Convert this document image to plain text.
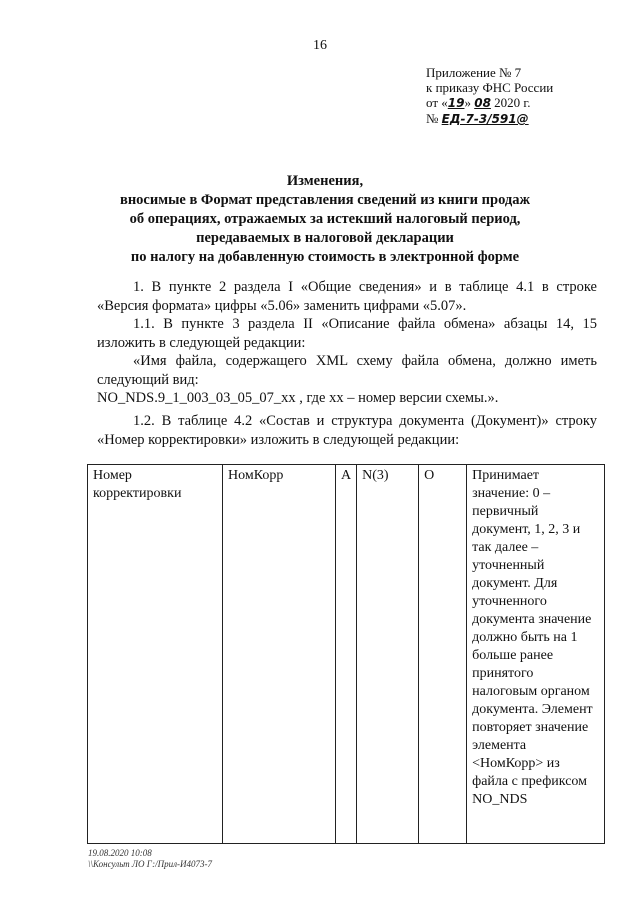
16
Приложение № 7
к приказу ФНС России
от «19» 08 2020 г.
№ ЕД-7-3/591@
Изменения,
вносимые в Формат представления сведений из книги продаж
об операциях, отражаемых за истекший налоговый период,
передаваемых в налоговой декларации
по налогу на добавленную стоимость в электронной форме

1. В пункте 2 раздела I «Общие сведения» и в таблице 4.1 в строке «Версия формата» цифры «5.06» заменить цифрами «5.07».

1.1. В пункте 3 раздела II «Описание файла обмена» абзацы 14, 15 изложить в следующей редакции:

«Имя файла, содержащего XML схему файла обмена, должно иметь следующий вид:

NO_NDS.9_1_003_03_05_07_xx , где xx – номер версии схемы.».

1.2. В таблице 4.2 «Состав и структура документа (Документ)» строку «Номер корректировки» изложить в следующей редакции:

Номер корректировки	НомКорр	А	N(3)	О	Принимает значение: 0 – первичный документ, 1, 2, 3 и так далее – уточненный документ. Для уточненного документа значение должно быть на 1 больше ранее принятого налоговым органом документа. Элемент повторяет значение элемента <НомКорр> из файла с префиксом NO_NDS
19.08.2020 10:08
\\Консульт ЛО Г:/Прил-И4073-7
